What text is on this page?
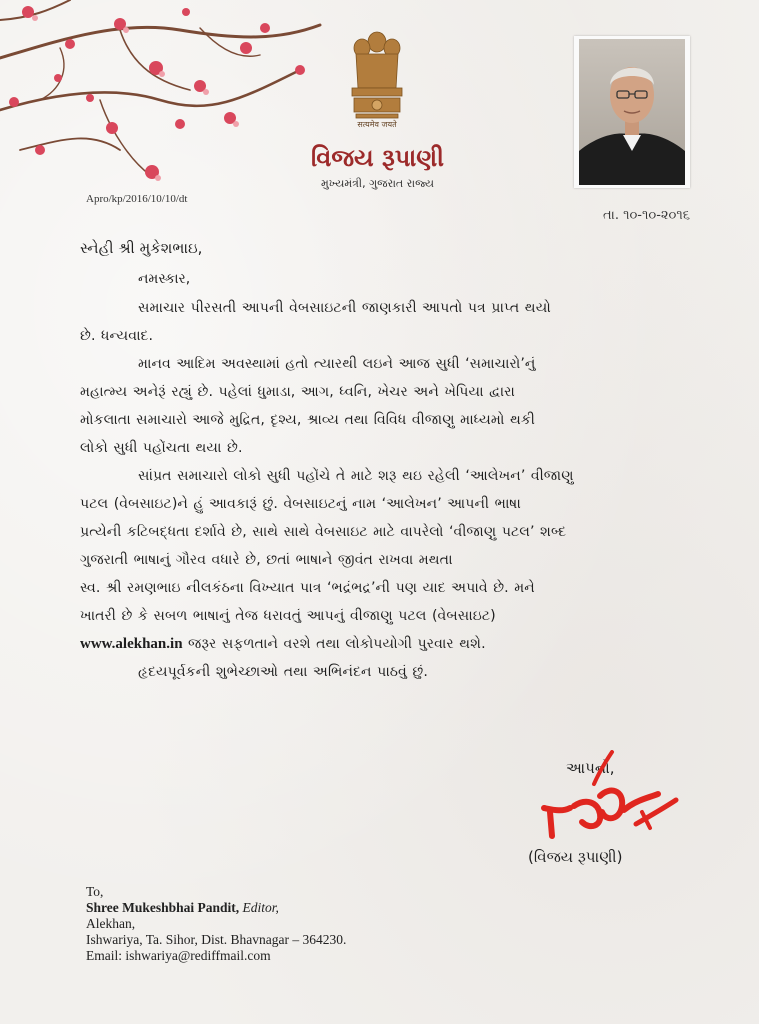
सत्यमेव जयते
વિજય રૂપાણી
મુખ્યમંત્રી, ગુજરાત રાજ્ય
Apro/kp/2016/10/10/dt
તા. ૧૦-૧૦-૨૦૧૬
સ્નેહી શ્રી મુકેશભાઇ,
નમસ્કાર,

સમાચાર પીરસતી આપની વેબસાઇટની જાણકારી આપતો પત્ર પ્રાપ્ત થયો
છે. ધન્યવાદ.

માનવ આદિમ અવસ્થામાં હતો ત્યારથી લઇને આજ સુધી ‘સમાચારો’નું
મહાત્મ્ય અનેરૂં રહ્યું છે. પહેલાં ધુમાડા, આગ, ધ્વનિ, ખેચર અને ખેપિયા દ્વારા
મોકલાતા સમાચારો આજે મુદ્રિત, દૃશ્ય, શ્રાવ્ય તથા વિવિધ વીજાણુ માધ્યમો થકી
લોકો સુધી પહોંચતા થયા છે.

સાંપ્રત સમાચારો લોકો સુધી પહોંચે તે માટે શરૂ થઇ રહેલી ‘આલેખન’ વીજાણુ
પટલ (વેબસાઇટ)ને હું આવકારૂં છું. વેબસાઇટનું નામ ‘આલેખન’ આપની ભાષા
પ્રત્યેની કટિબદ્ધતા દર્શાવે છે, સાથે સાથે વેબસાઇટ માટે વાપરેલો ‘વીજાણુ પટલ’ શબ્દ
ગુજરાતી ભાષાનું ગૌરવ વધારે છે, છતાં ભાષાને જીવંત રાખવા મથતા
સ્વ. શ્રી રમણભાઇ નીલકંઠના વિખ્યાત પાત્ર ‘ભદ્રંભદ્ર’ની પણ યાદ અપાવે છે. મને
ખાતરી છે કે સબળ ભાષાનું તેજ ધરાવતું આપનું વીજાણુ પટલ (વેબસાઇટ)
www.alekhan.in જરૂર સફળતાને વરશે તથા લોકોપયોગી પુરવાર થશે.

હૃદયપૂર્વકની શુભેચ્છાઓ તથા અભિનંદન પાઠવું છું.

આપનો,
(વિજય રૂપાણી)
To,
Shree Mukeshbhai Pandit, Editor,
Alekhan,
Ishwariya, Ta. Sihor, Dist. Bhavnagar – 364230.
Email: ishwariya@rediffmail.com
